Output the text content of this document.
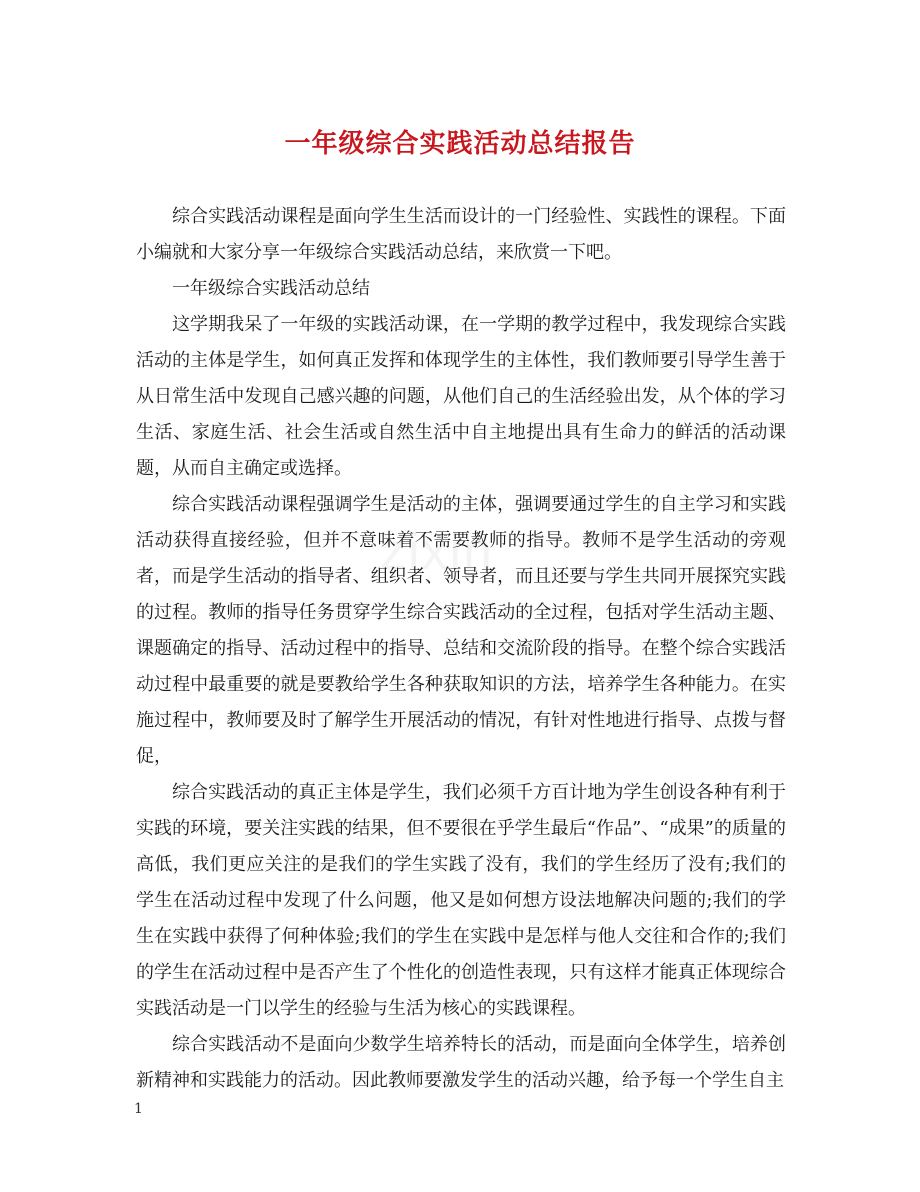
一年级综合实践活动总结报告

综合实践活动课程是面向学生生活而设计的一门经验性、实践性的课程。下面小编就和大家分享一年级综合实践活动总结，来欣赏一下吧。

一年级综合实践活动总结

这学期我呆了一年级的实践活动课，在一学期的教学过程中，我发现综合实践活动的主体是学生，如何真正发挥和体现学生的主体性，我们教师要引导学生善于从日常生活中发现自己感兴趣的问题，从他们自己的生活经验出发，从个体的学习生活、家庭生活、社会生活或自然生活中自主地提出具有生命力的鲜活的活动课题，从而自主确定或选择。

综合实践活动课程强调学生是活动的主体，强调要通过学生的自主学习和实践活动获得直接经验，但并不意味着不需要教师的指导。教师不是学生活动的旁观者，而是学生活动的指导者、组织者、领导者，而且还要与学生共同开展探究实践的过程。教师的指导任务贯穿学生综合实践活动的全过程，包括对学生活动主题、课题确定的指导、活动过程中的指导、总结和交流阶段的指导。在整个综合实践活动过程中最重要的就是要教给学生各种获取知识的方法，培养学生各种能力。在实施过程中，教师要及时了解学生开展活动的情况，有针对性地进行指导、点拨与督促，

综合实践活动的真正主体是学生，我们必须千方百计地为学生创设各种有利于实践的环境，要关注实践的结果，但不要很在乎学生最后“作品”、“成果”的质量的高低，我们更应关注的是我们的学生实践了没有，我们的学生经历了没有;我们的学生在活动过程中发现了什么问题，他又是如何想方设法地解决问题的;我们的学生在实践中获得了何种体验;我们的学生在实践中是怎样与他人交往和合作的;我们的学生在活动过程中是否产生了个性化的创造性表现，只有这样才能真正体现综合实践活动是一门以学生的经验与生活为核心的实践课程。

综合实践活动不是面向少数学生培养特长的活动，而是面向全体学生，培养创新精神和实践能力的活动。因此教师要激发学生的活动兴趣，给予每一个学生自主

1
